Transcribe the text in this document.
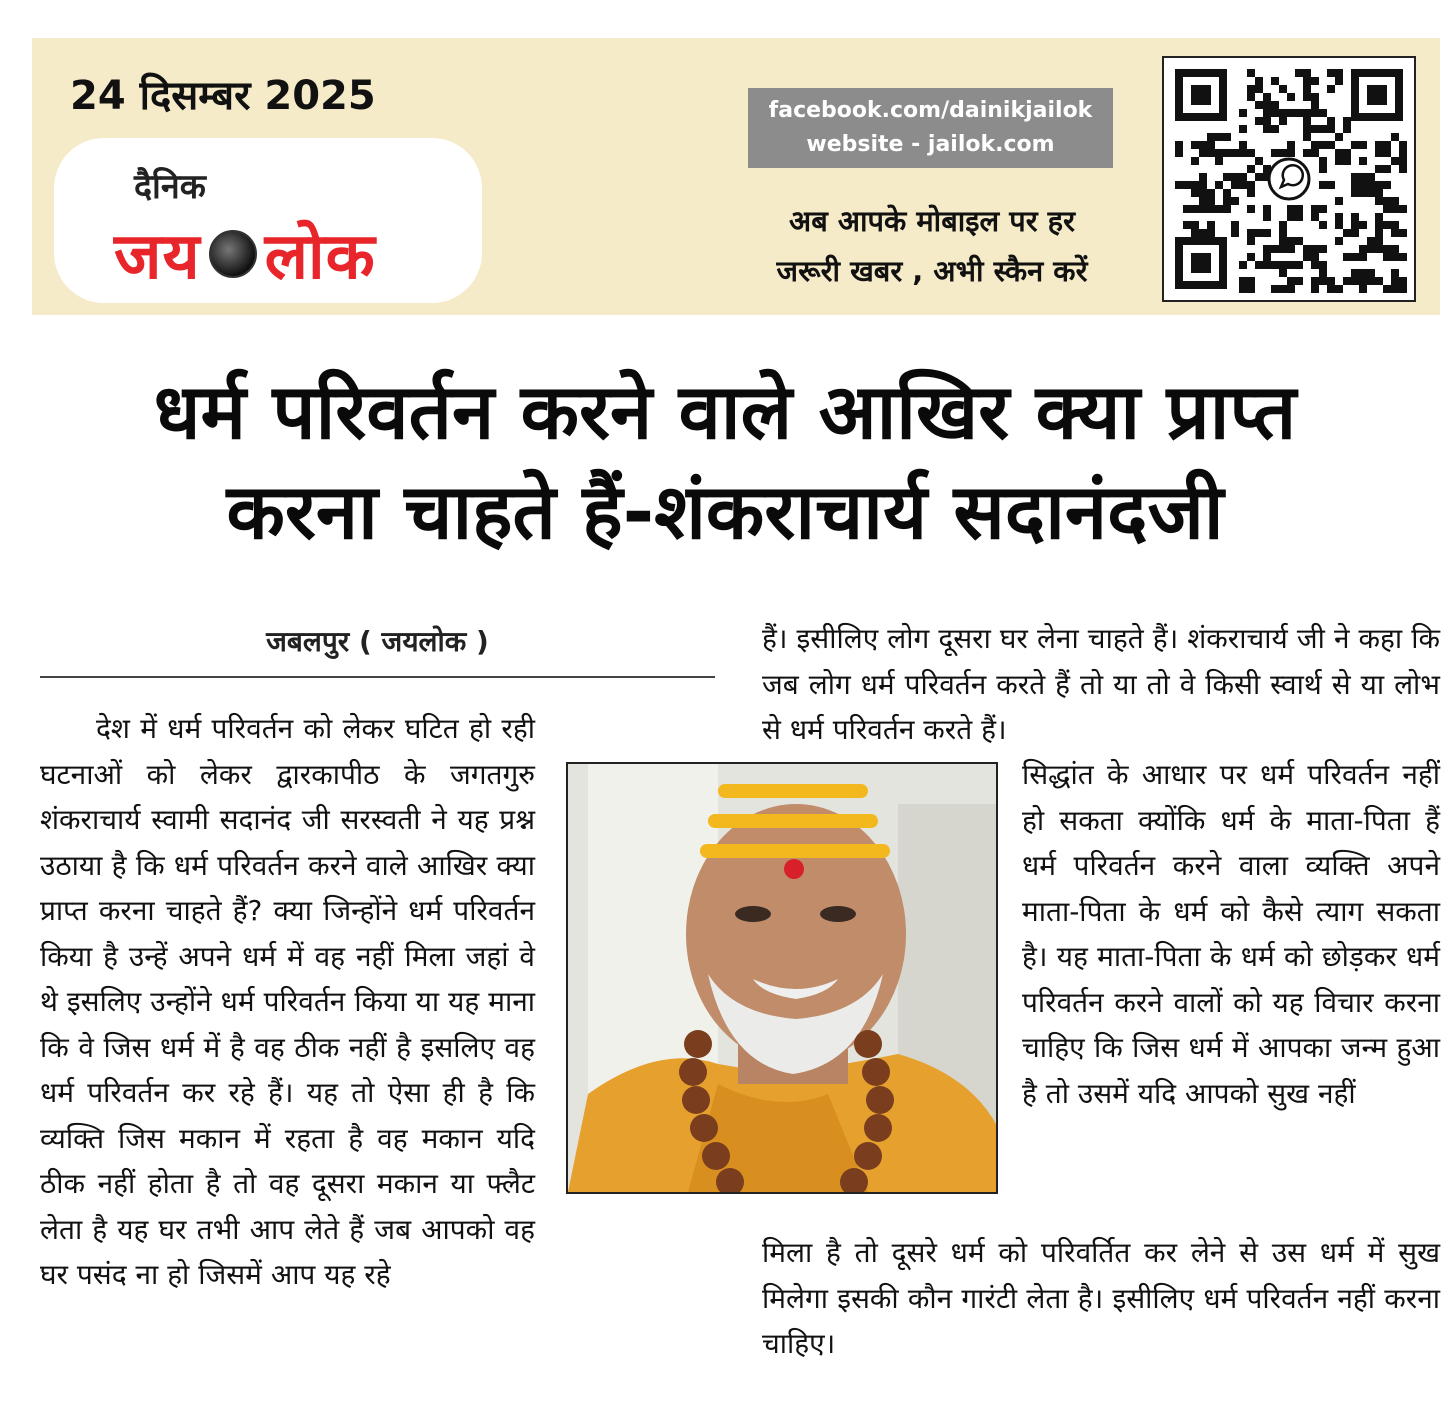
24 दिसम्बर 2025
दैनिक
जय लोक
facebook.com/dainikjailok
website - jailok.com
अब आपके मोबाइल पर हर
जरूरी खबर , अभी स्कैन करें
धर्म परिवर्तन करने वाले आखिर क्या प्राप्त
करना चाहते हैं-शंकराचार्य सदानंदजी
जबलपुर ( जयलोक )
देश में धर्म परिवर्तन को लेकर घटित हो रही घटनाओं को लेकर द्वारकापीठ के जगतगुरु शंकराचार्य स्वामी सदानंद जी सरस्वती ने यह प्रश्न उठाया है कि धर्म परिवर्तन करने वाले आखिर क्या प्राप्त करना चाहते हैं? क्या जिन्होंने धर्म परिवर्तन किया है उन्हें अपने धर्म में वह नहीं मिला जहां वे थे इसलिए उन्होंने धर्म परिवर्तन किया या यह माना कि वे जिस धर्म में है वह ठीक नहीं है इसलिए वह धर्म परिवर्तन कर रहे हैं। यह तो ऐसा ही है कि व्यक्ति जिस मकान में रहता है वह मकान यदि ठीक नहीं होता है तो वह दूसरा मकान या फ्लैट लेता है यह घर तभी आप लेते हैं जब आपको वह घर पसंद ना हो जिसमें आप यह रहे
हैं। इसीलिए लोग दूसरा घर लेना चाहते हैं। शंकराचार्य जी ने कहा कि जब लोग धर्म परिवर्तन करते हैं तो या तो वे किसी स्वार्थ से या लोभ से धर्म परिवर्तन करते हैं।
सिद्धांत के आधार पर धर्म परिवर्तन नहीं हो सकता क्योंकि धर्म के माता-पिता हैं धर्म परिवर्तन करने वाला व्यक्ति अपने माता-पिता के धर्म को कैसे त्याग सकता है। यह माता-पिता के धर्म को छोड़कर धर्म परिवर्तन करने वालों को यह विचार करना चाहिए कि जिस धर्म में आपका जन्म हुआ है तो उसमें यदि आपको सुख नहीं
मिला है तो दूसरे धर्म को परिवर्तित कर लेने से उस धर्म में सुख मिलेगा इसकी कौन गारंटी लेता है। इसीलिए धर्म परिवर्तन नहीं करना चाहिए।
